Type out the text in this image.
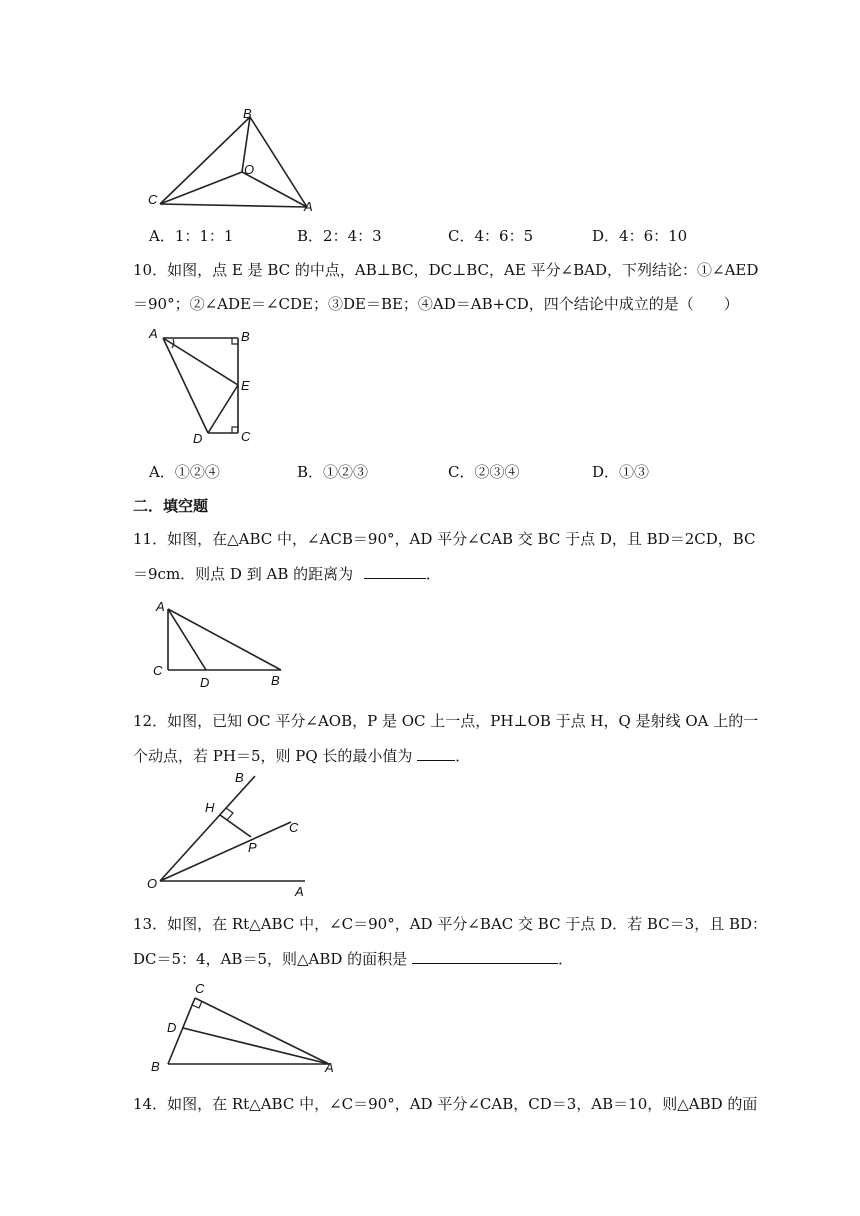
B
O
C	A
A．1：1：1	B．2：4：3	C．4：6：5	D．4：6：10
10．如图，点 E 是 BC 的中点，AB⊥BC，DC⊥BC，AE 平分∠BAD，下列结论：①∠AED
＝90°；②∠ADE＝∠CDE；③DE＝BE；④AD＝AB+CD，四个结论中成立的是（　　）
A	B
E
D	C
A．①②④	B．①②③	C．②③④	D．①③
二．填空题
11．如图，在△ABC 中，∠ACB＝90°，AD 平分∠CAB 交 BC 于点 D，且 BD＝2CD，BC
＝9cm．则点 D 到 AB 的距离为	．
A
C
D	B
12．如图，已知 OC 平分∠AOB，P 是 OC 上一点，PH⊥OB 于点 H，Q 是射线 OA 上的一
个动点，若 PH＝5，则 PQ 长的最小值为	．
B
H
C
P
O
A
13．如图，在 Rt△ABC 中，∠C＝90°，AD 平分∠BAC 交 BC 于点 D．若 BC＝3，且 BD：
DC＝5：4，AB＝5，则△ABD 的面积是	．
C
D
B	A
14．如图，在 Rt△ABC 中，∠C＝90°，AD 平分∠CAB，CD＝3，AB＝10，则△ABD 的面
